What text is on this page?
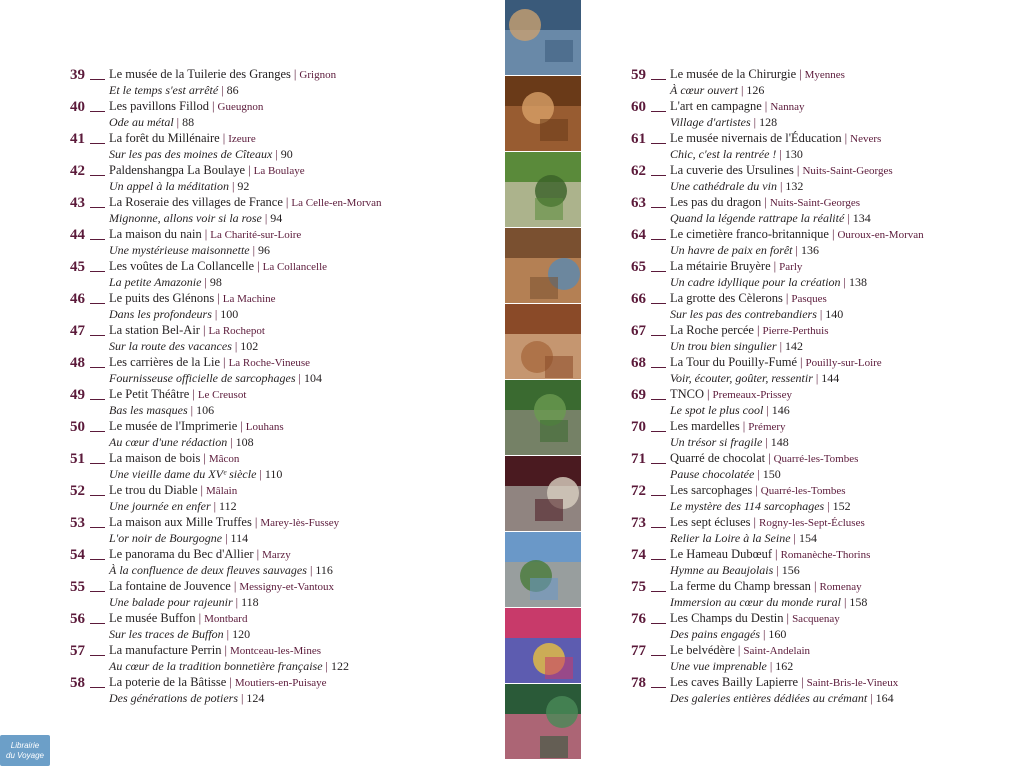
39 Le musée de la Tuilerie des Granges | Grignon
Et le temps s'est arrêté | 86
40 Les pavillons Fillod | Gueugnon
Ode au métal | 88
41 La forêt du Millénaire | Izeure
Sur les pas des moines de Cîteaux | 90
42 Paldenshangpa La Boulaye | La Boulaye
Un appel à la méditation | 92
43 La Roseraie des villages de France | La Celle-en-Morvan
Mignonne, allons voir si la rose | 94
44 La maison du nain | La Charité-sur-Loire
Une mystérieuse maisonnette | 96
45 Les voûtes de La Collancelle | La Collancelle
La petite Amazonie | 98
46 Le puits des Glénons | La Machine
Dans les profondeurs | 100
47 La station Bel-Air | La Rochepot
Sur la route des vacances | 102
48 Les carrières de la Lie | La Roche-Vineuse
Fournisseuse officielle de sarcophages | 104
49 Le Petit Théâtre | Le Creusot
Bas les masques | 106
50 Le musée de l'Imprimerie | Louhans
Au cœur d'une rédaction | 108
51 La maison de bois | Mâcon
Une vieille dame du XVᵉ siècle | 110
52 Le trou du Diable | Mâlain
Une journée en enfer | 112
53 La maison aux Mille Truffes | Marey-lès-Fussey
L'or noir de Bourgogne | 114
54 Le panorama du Bec d'Allier | Marzy
À la confluence de deux fleuves sauvages | 116
55 La fontaine de Jouvence | Messigny-et-Vantoux
Une balade pour rajeunir | 118
56 Le musée Buffon | Montbard
Sur les traces de Buffon | 120
57 La manufacture Perrin | Montceau-les-Mines
Au cœur de la tradition bonnetière française | 122
58 La poterie de la Bâtisse | Moutiers-en-Puisaye
Des générations de potiers | 124
59 Le musée de la Chirurgie | Myennes
À cœur ouvert | 126
60 L'art en campagne | Nannay
Village d'artistes | 128
61 Le musée nivernais de l'Éducation | Nevers
Chic, c'est la rentrée ! | 130
62 La cuverie des Ursulines | Nuits-Saint-Georges
Une cathédrale du vin | 132
63 Les pas du dragon | Nuits-Saint-Georges
Quand la légende rattrape la réalité | 134
64 Le cimetière franco-britannique | Ouroux-en-Morvan
Un havre de paix en forêt | 136
65 La métairie Bruyère | Parly
Un cadre idyllique pour la création | 138
66 La grotte des Cèlerons | Pasques
Sur les pas des contrebandiers | 140
67 La Roche percée | Pierre-Perthuis
Un trou bien singulier | 142
68 La Tour du Pouilly-Fumé | Pouilly-sur-Loire
Voir, écouter, goûter, ressentir | 144
69 TNCO | Premeaux-Prissey
Le spot le plus cool | 146
70 Les mardelles | Prémery
Un trésor si fragile | 148
71 Quarré de chocolat | Quarré-les-Tombes
Pause chocolatée | 150
72 Les sarcophages | Quarré-les-Tombes
Le mystère des 114 sarcophages | 152
73 Les sept écluses | Rogny-les-Sept-Écluses
Relier la Loire à la Seine | 154
74 Le Hameau Dubœuf | Romanèche-Thorins
Hymne au Beaujolais | 156
75 La ferme du Champ bressan | Romenay
Immersion au cœur du monde rural | 158
76 Les Champs du Destin | Sacquenay
Des pains engagés | 160
77 Le belvédère | Saint-Andelain
Une vue imprenable | 162
78 Les caves Bailly Lapierre | Saint-Bris-le-Vineux
Des galeries entières dédiées au crémant | 164
Librairie
du Voyage
